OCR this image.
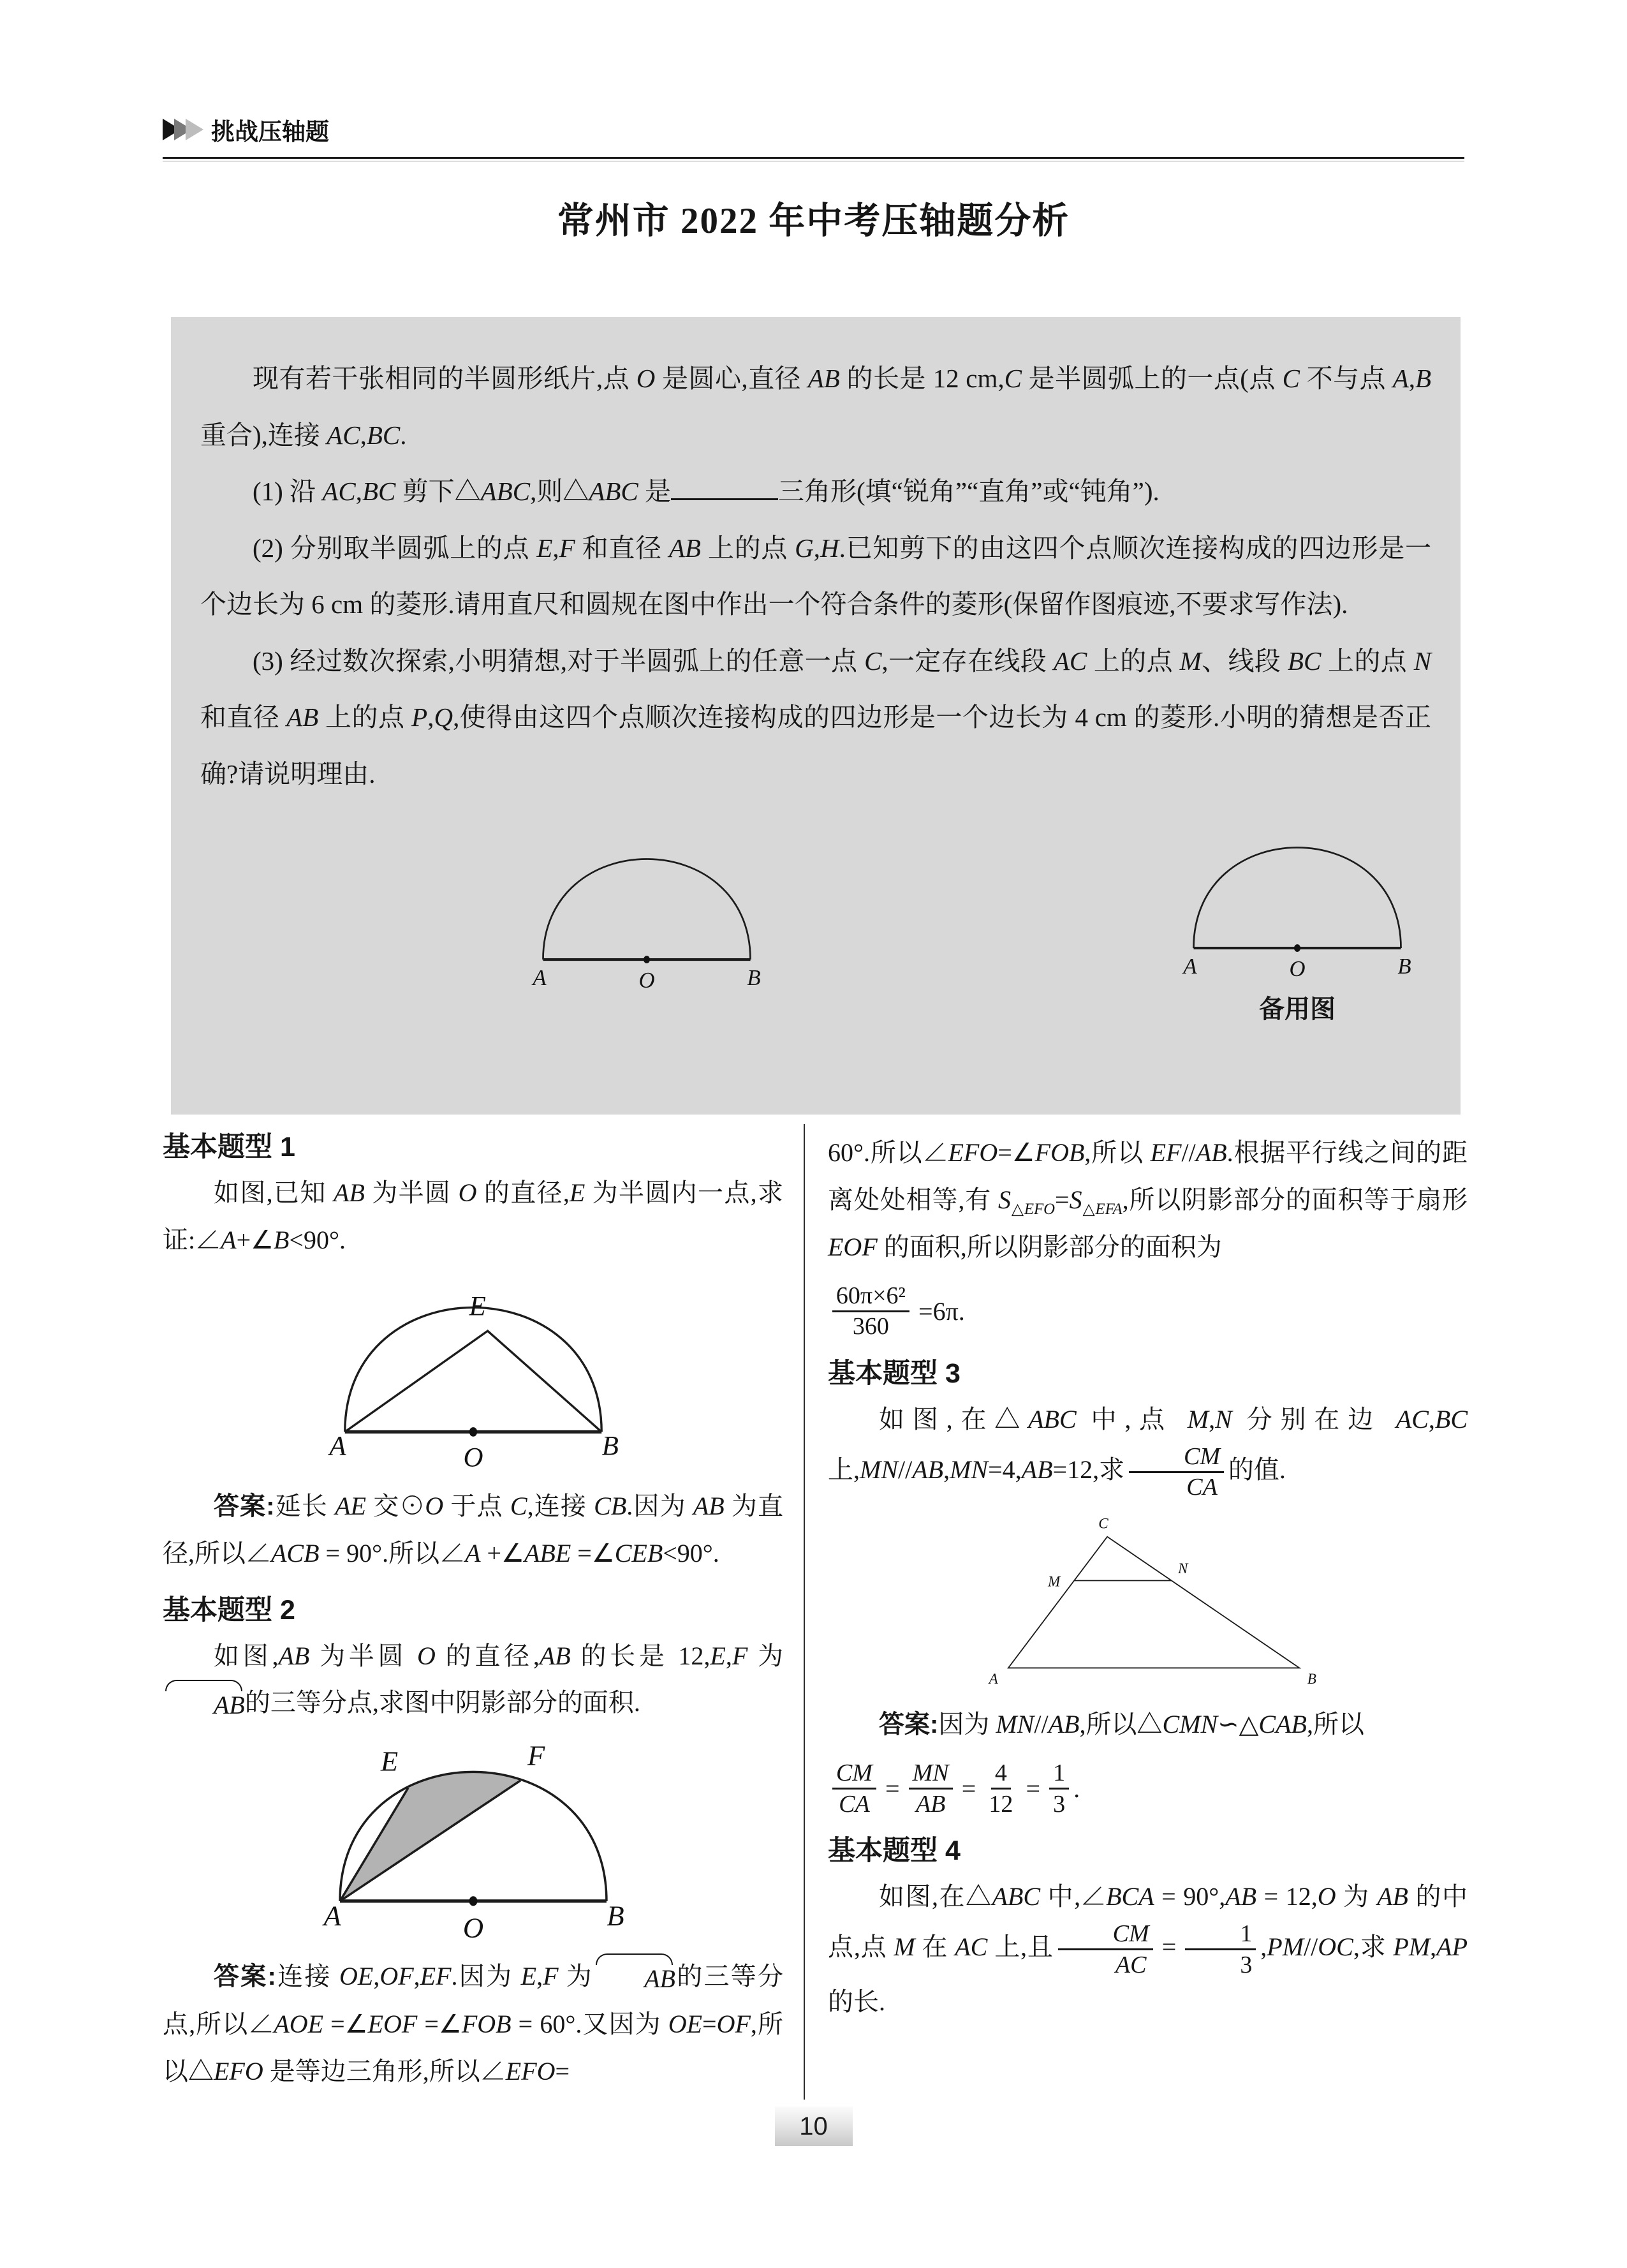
挑战压轴题
常州市 2022 年中考压轴题分析

现有若干张相同的半圆形纸片,点 O 是圆心,直径 AB 的长是 12 cm,C 是半圆弧上的一点(点 C 不与点 A,B 重合),连接 AC,BC.

(1) 沿 AC,BC 剪下△ABC,则△ABC 是	三角形(填“锐角”“直角”或“钝角”).

(2) 分别取半圆弧上的点 E,F 和直径 AB 上的点 G,H.已知剪下的由这四个点顺次连接构成的四边形是一个边长为 6 cm 的菱形.请用直尺和圆规在图中作出一个符合条件的菱形(保留作图痕迹,不要求写作法).

(3) 经过数次探索,小明猜想,对于半圆弧上的任意一点 C,一定存在线段 AC 上的点 M、线段 BC 上的点 N 和直径 AB 上的点 P,Q,使得由这四个点顺次连接构成的四边形是一个边长为 4 cm 的菱形.小明的猜想是否正确?请说明理由.

A	O	B	A	O	B
备用图
基本题型 1

如图,已知 AB 为半圆 O 的直径,E 为半圆内一点,求证:∠A+∠B<90°.

E
A	O	B

答案:延长 AE 交⊙O 于点 C,连接 CB.因为 AB 为直径,所以∠ACB = 90°.所以∠A +∠ABE =∠CEB<90°.

基本题型 2

如图,AB 为半圆 O 的直径,AB 的长是 12,E,F 为
AB 的三等分点,求图中阴影部分的面积.

E	F
A	O	B

答案:连接 OE,OF,EF.因为 E,F 为	AB 的三等分点,所以∠AOE =∠EOF =∠FOB = 60°.又因为 OE=OF,所以△EFO 是等边三角形,所以∠EFO=

60°.所以∠EFO=∠FOB,所以 EF//AB.根据平行线之间的距离处处相等,有 $S_{\triangle EFO}=S_{\triangle EFA}$,所以阴影部分的面积等于扇形 EOF 的面积,所以阴影部分的面积为

$\frac{\text{60π×6²}}{360} =6\pi$.
基本题型 3

如图,在△ABC 中,点 M,N 分别在边 AC,BC 上,MN//AB,MN=4,AB=12,求 $\frac{CM}{CA}$ 的值.

C
M
N
A	B

答案:因为 MN//AB,所以△CMN∽△CAB,所以

$\frac{CM}{CA} = \frac{MN}{AB} = \frac{4}{12} = \frac{1}{3}$ .
基本题型 4

如图,在△ABC 中,∠BCA = 90°,AB = 12,O 为 AB 的中点,点 M 在 AC 上,且 $\frac{CM}{AC} = \frac{1}{3} ,PM//OC$,求 PM,AP 的长.

10
